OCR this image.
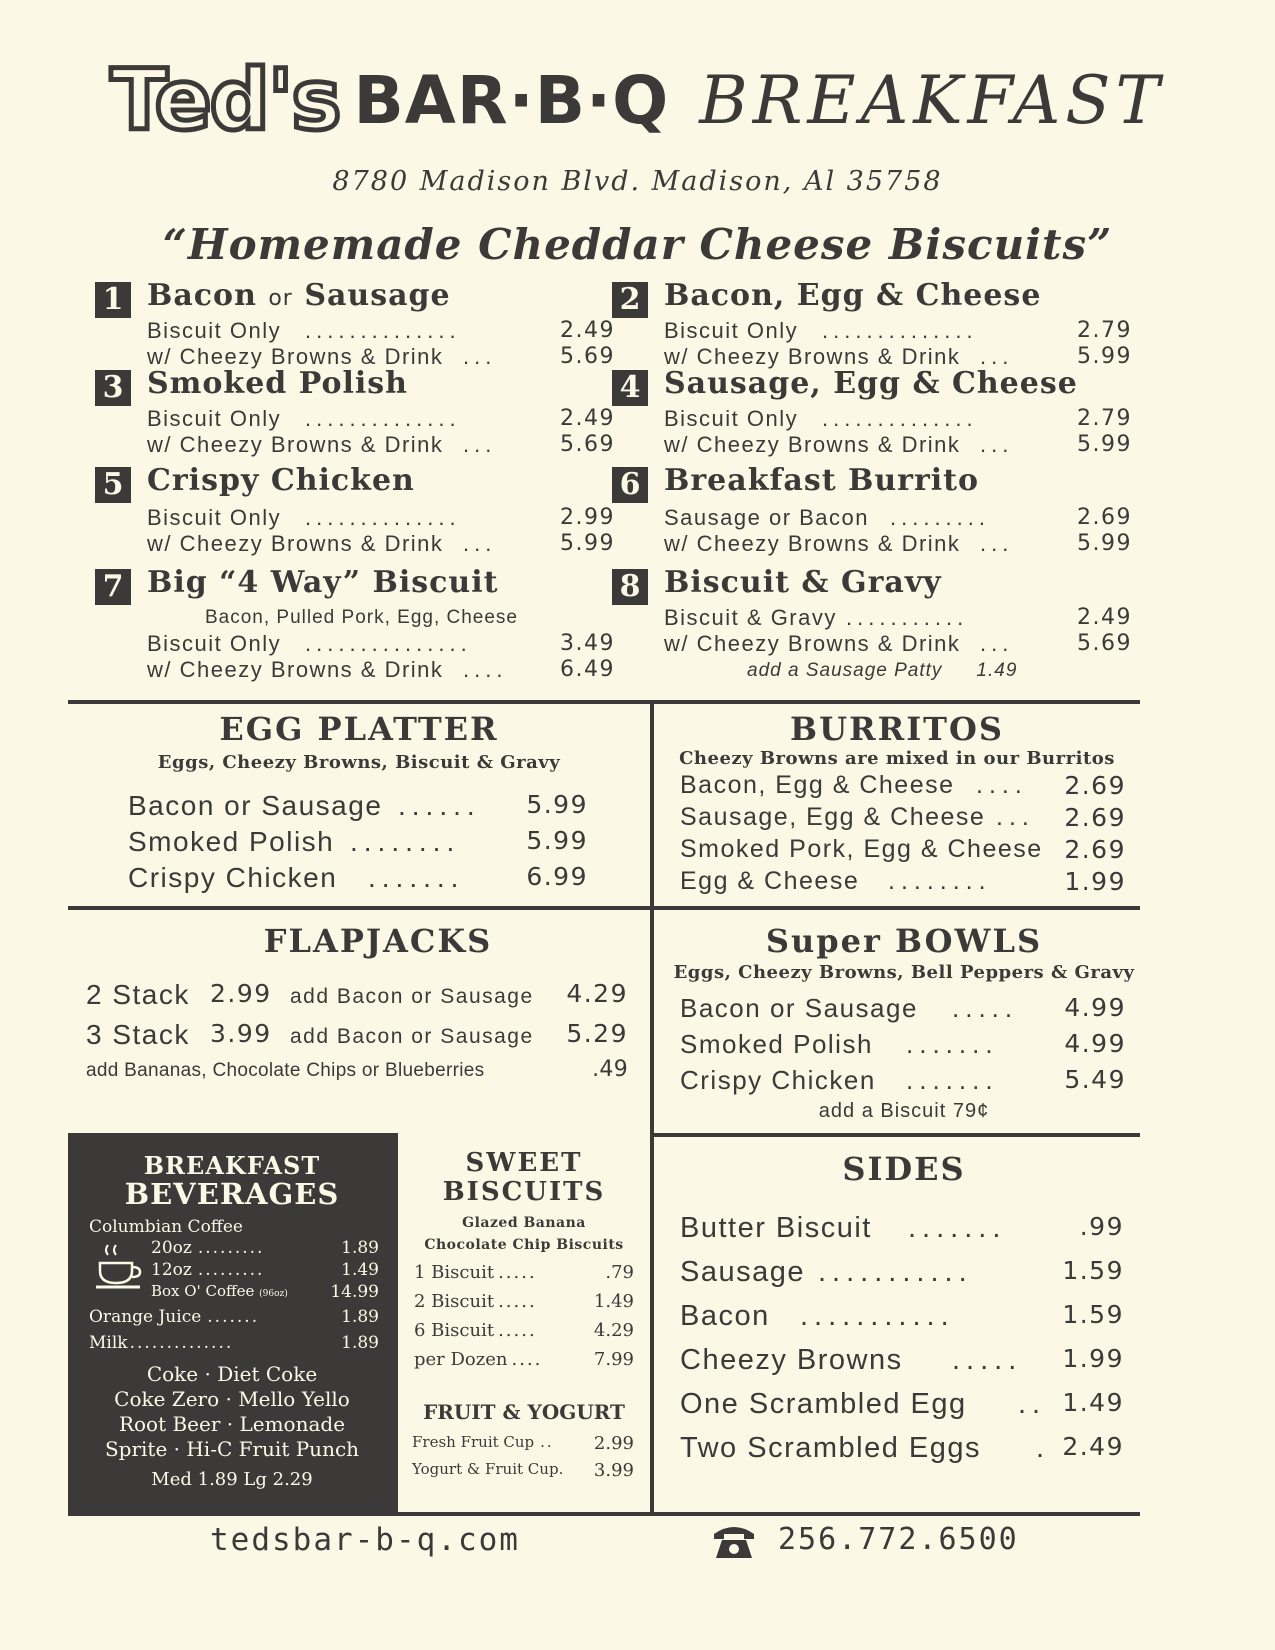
Ted's BAR·B·Q BREAKFAST
8780 Madison Blvd. Madison, Al 35758
“Homemade Cheddar Cheese Biscuits”
1 Bacon or Sausage
Biscuit Only ..............	2.49
w/ Cheezy Browns & Drink ...	5.69
2 Bacon, Egg & Cheese
Biscuit Only ..............	2.79
w/ Cheezy Browns & Drink ...	5.99
3 Smoked Polish
Biscuit Only ..............	2.49
w/ Cheezy Browns & Drink ...	5.69
4 Sausage, Egg & Cheese
Biscuit Only ..............	2.79
w/ Cheezy Browns & Drink ...	5.99
5 Crispy Chicken
Biscuit Only ..............	2.99
w/ Cheezy Browns & Drink ...	5.99
6 Breakfast Burrito
Sausage or Bacon .........	2.69
w/ Cheezy Browns & Drink ...	5.99
7 Big “4 Way” Biscuit
Bacon, Pulled Pork, Egg, Cheese
Biscuit Only ...............	3.49
w/ Cheezy Browns & Drink ....	6.49
8 Biscuit & Gravy
Biscuit & Gravy ...........	2.49
w/ Cheezy Browns & Drink ...	5.69
add a Sausage Patty 1.49
EGG PLATTER
Eggs, Cheezy Browns, Biscuit & Gravy
Bacon or Sausage ......	5.99
Smoked Polish ........	5.99
Crispy Chicken .......	6.99
BURRITOS
Cheezy Browns are mixed in our Burritos
Bacon, Egg & Cheese ....	2.69
Sausage, Egg & Cheese ...	2.69
Smoked Pork, Egg & Cheese 2.69
Egg & Cheese ........	1.99
FLAPJACKS
2 Stack 2.99 add Bacon or Sausage 4.29
3 Stack 3.99 add Bacon or Sausage 5.29
add Bananas, Chocolate Chips or Blueberries	.49
Super BOWLS
Eggs, Cheezy Browns, Bell Peppers & Gravy
Bacon or Sausage .....	4.99
Smoked Polish .......	4.99
Crispy Chicken .......	5.49
add a Biscuit 79¢
BREAKFAST
BEVERAGES
Columbian Coffee
20oz .........	1.89
12oz .........	1.49
Box O' Coffee (96oz)	14.99
Orange Juice .......	1.89
Milk ..............	1.89
Coke · Diet Coke
Coke Zero · Mello Yello
Root Beer · Lemonade
Sprite · Hi-C Fruit Punch
Med 1.89 Lg 2.29
SWEET
BISCUITS
Glazed Banana
Chocolate Chip Biscuits
1 Biscuit .....	.79
2 Biscuit .....	1.49
6 Biscuit .....	4.29
per Dozen ....	7.99
FRUIT & YOGURT
Fresh Fruit Cup .. 2.99
Yogurt & Fruit Cup. 3.99
SIDES
Butter Biscuit .......	.99
Sausage ...........	1.59
Bacon ...........	1.59
Cheezy Browns .....	1.99
One Scrambled Egg .. 1.49
Two Scrambled Eggs . 2.49
tedsbar-b-q.com	256.772.6500
